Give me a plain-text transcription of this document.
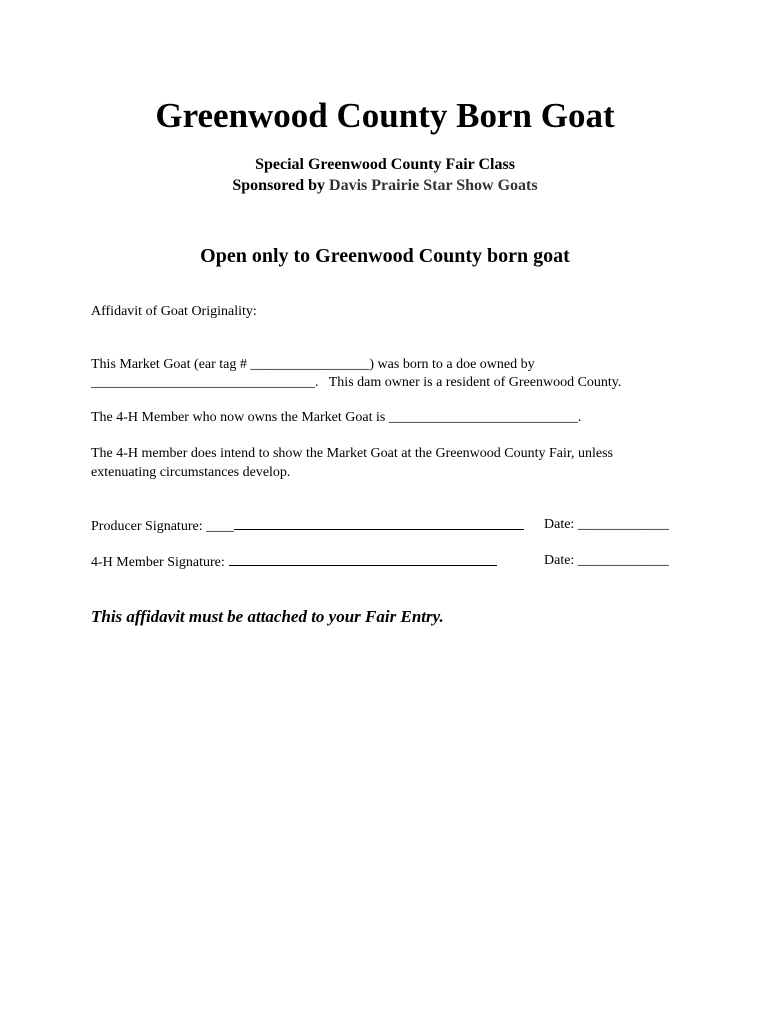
Greenwood County Born Goat

Special Greenwood County Fair Class

Sponsored by Davis Prairie Star Show Goats

Open only to Greenwood County born goat

Affidavit of Goat Originality:

This Market Goat (ear tag # _________________) was born to a doe owned by

________________________________.   This dam owner is a resident of Greenwood County.

The 4-H Member who now owns the Market Goat is ___________________________.

The 4-H member does intend to show the Market Goat at the Greenwood County Fair, unless

extenuating circumstances develop.

Producer Signature: ____	Date: _____________
4-H Member Signature:	Date: _____________

This affidavit must be attached to your Fair Entry.
